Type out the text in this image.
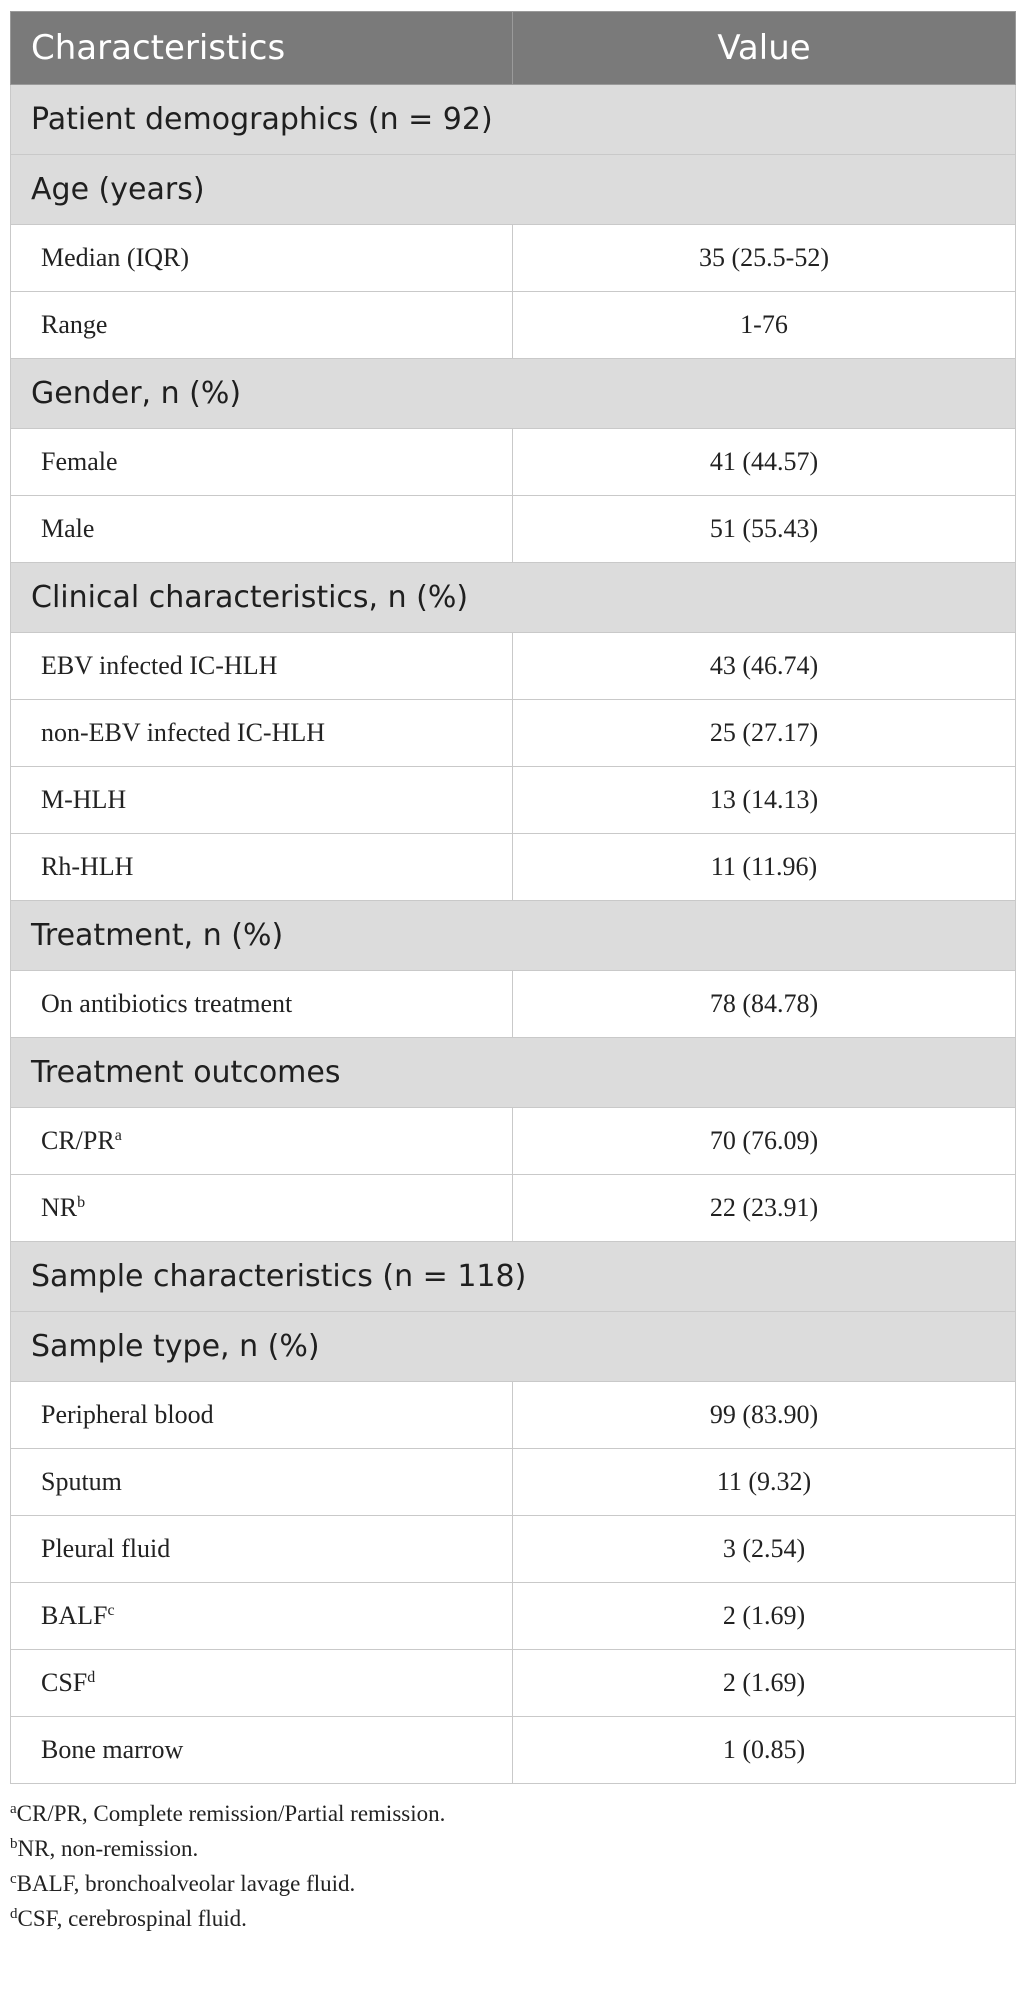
Characteristics	Value
Patient demographics (n = 92)	
Age (years)	
Median (IQR)	35 (25.5-52)
Range	1-76
Gender, n (%)	
Female	41 (44.57)
Male	51 (55.43)
Clinical characteristics, n (%)	
EBV infected IC-HLH	43 (46.74)
non-EBV infected IC-HLH	25 (27.17)
M-HLH	13 (14.13)
Rh-HLH	11 (11.96)
Treatment, n (%)	
On antibiotics treatment	78 (84.78)
Treatment outcomes	
$CR/PR^a$	70 (76.09)
$NR^b$	22 (23.91)
Sample characteristics (n = 118)	
Sample type, n (%)	
Peripheral blood	99 (83.90)
Sputum	11 (9.32)
Pleural fluid	3 (2.54)
BALF$^c$	2 (1.69)
CSF$^d$	2 (1.69)
Bone marrow	1 (0.85)
$^a$CR/PR, Complete remission/Partial remission.
$^b$NR, non-remission.
$^c$BALF, bronchoalveolar lavage fluid.
$^d$CSF, cerebrospinal fluid.
